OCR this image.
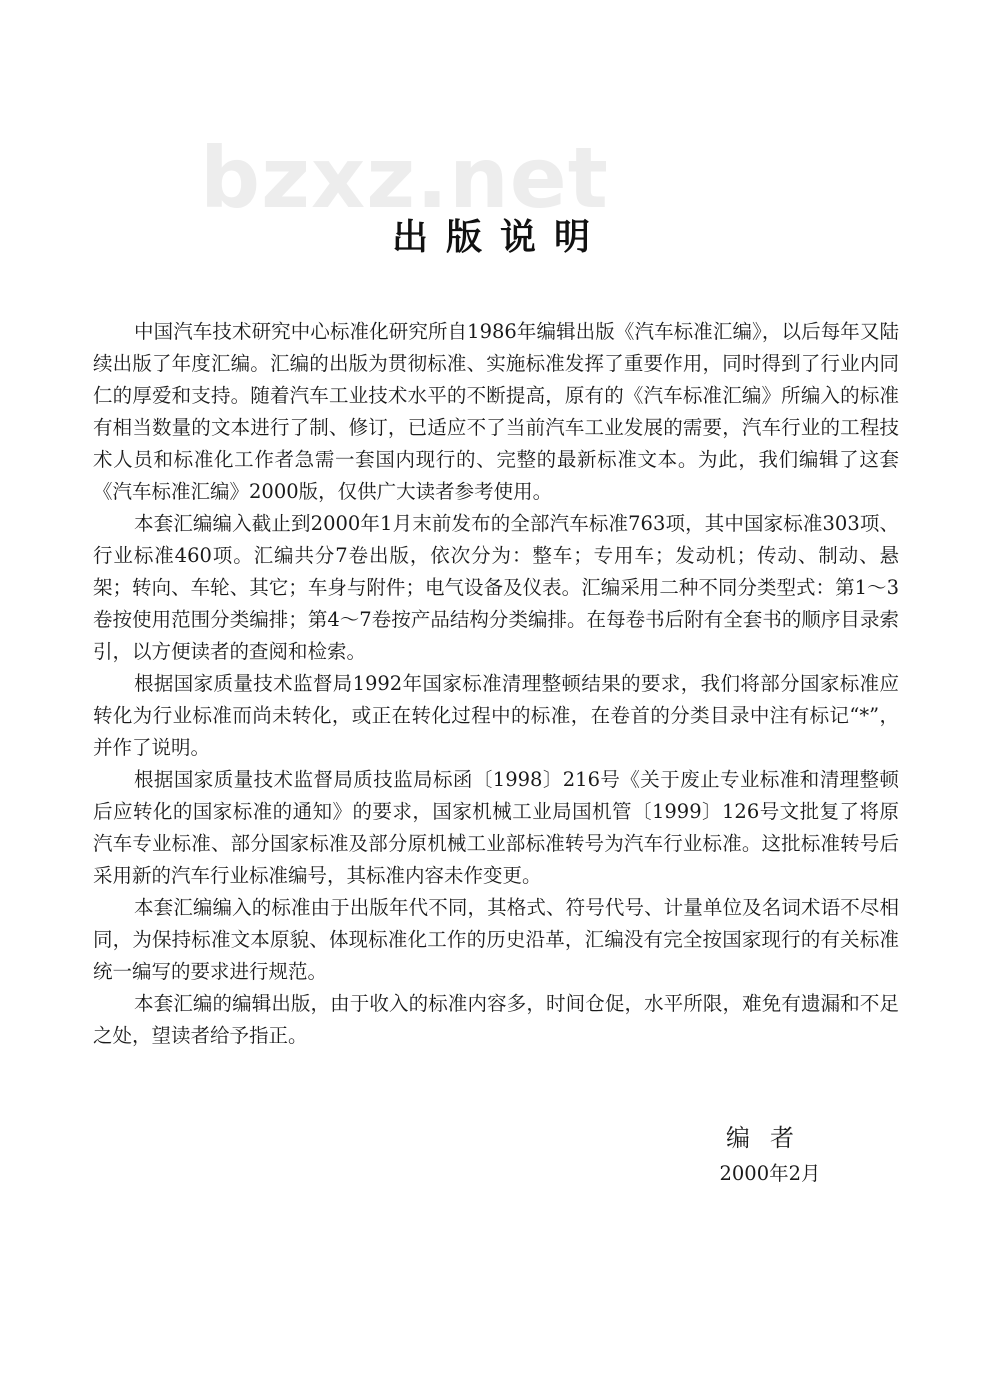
bzxz.net
出版说明

中国汽车技术研究中心标准化研究所自1986年编辑出版《汽车标准汇编》，以后每年又陆续出版了年度汇编。汇编的出版为贯彻标准、实施标准发挥了重要作用，同时得到了行业内同仁的厚爱和支持。随着汽车工业技术水平的不断提高，原有的《汽车标准汇编》所编入的标准有相当数量的文本进行了制、修订，已适应不了当前汽车工业发展的需要，汽车行业的工程技术人员和标准化工作者急需一套国内现行的、完整的最新标准文本。为此，我们编辑了这套《汽车标准汇编》2000版，仅供广大读者参考使用。

本套汇编编入截止到2000年1月末前发布的全部汽车标准763项，其中国家标准303项、行业标准460项。汇编共分7卷出版，依次分为：整车；专用车；发动机；传动、制动、悬架；转向、车轮、其它；车身与附件；电气设备及仪表。汇编采用二种不同分类型式：第1～3卷按使用范围分类编排；第4～7卷按产品结构分类编排。在每卷书后附有全套书的顺序目录索引，以方便读者的查阅和检索。

根据国家质量技术监督局1992年国家标准清理整顿结果的要求，我们将部分国家标准应转化为行业标准而尚未转化，或正在转化过程中的标准，在卷首的分类目录中注有标记“*”，并作了说明。

根据国家质量技术监督局质技监局标函〔1998〕216号《关于废止专业标准和清理整顿后应转化的国家标准的通知》的要求，国家机械工业局国机管〔1999〕126号文批复了将原汽车专业标准、部分国家标准及部分原机械工业部标准转号为汽车行业标准。这批标准转号后采用新的汽车行业标准编号，其标准内容未作变更。

本套汇编编入的标准由于出版年代不同，其格式、符号代号、计量单位及名词术语不尽相同，为保持标准文本原貌、体现标准化工作的历史沿革，汇编没有完全按国家现行的有关标准统一编写的要求进行规范。

本套汇编的编辑出版，由于收入的标准内容多，时间仓促，水平所限，难免有遗漏和不足之处，望读者给予指正。

编者
2000年2月
